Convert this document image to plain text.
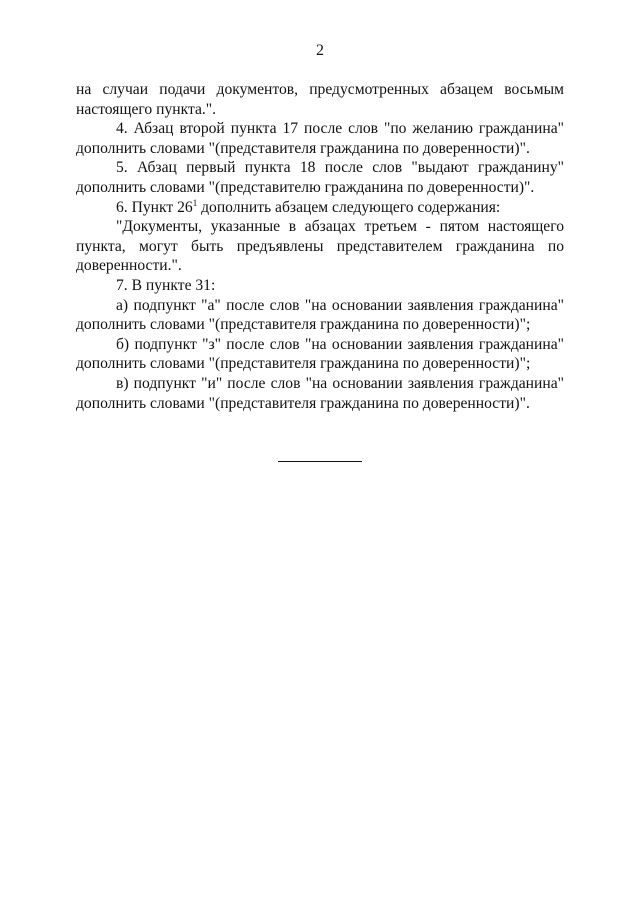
2

на случаи подачи документов, предусмотренных абзацем восьмым настоящего пункта.".

4. Абзац второй пункта 17 после слов "по желанию гражданина" дополнить словами "(представителя гражданина по доверенности)".

5. Абзац первый пункта 18 после слов "выдают гражданину" дополнить словами "(представителю гражданина по доверенности)".

6. Пункт $26^1$ дополнить абзацем следующего содержания:

"Документы, указанные в абзацах третьем - пятом настоящего пункта, могут быть предъявлены представителем гражданина по доверенности.".

7. В пункте 31:

а) подпункт "а" после слов "на основании заявления гражданина" дополнить словами "(представителя гражданина по доверенности)";

б) подпункт "з" после слов "на основании заявления гражданина" дополнить словами "(представителя гражданина по доверенности)";

в) подпункт "и" после слов "на основании заявления гражданина" дополнить словами "(представителя гражданина по доверенности)".
